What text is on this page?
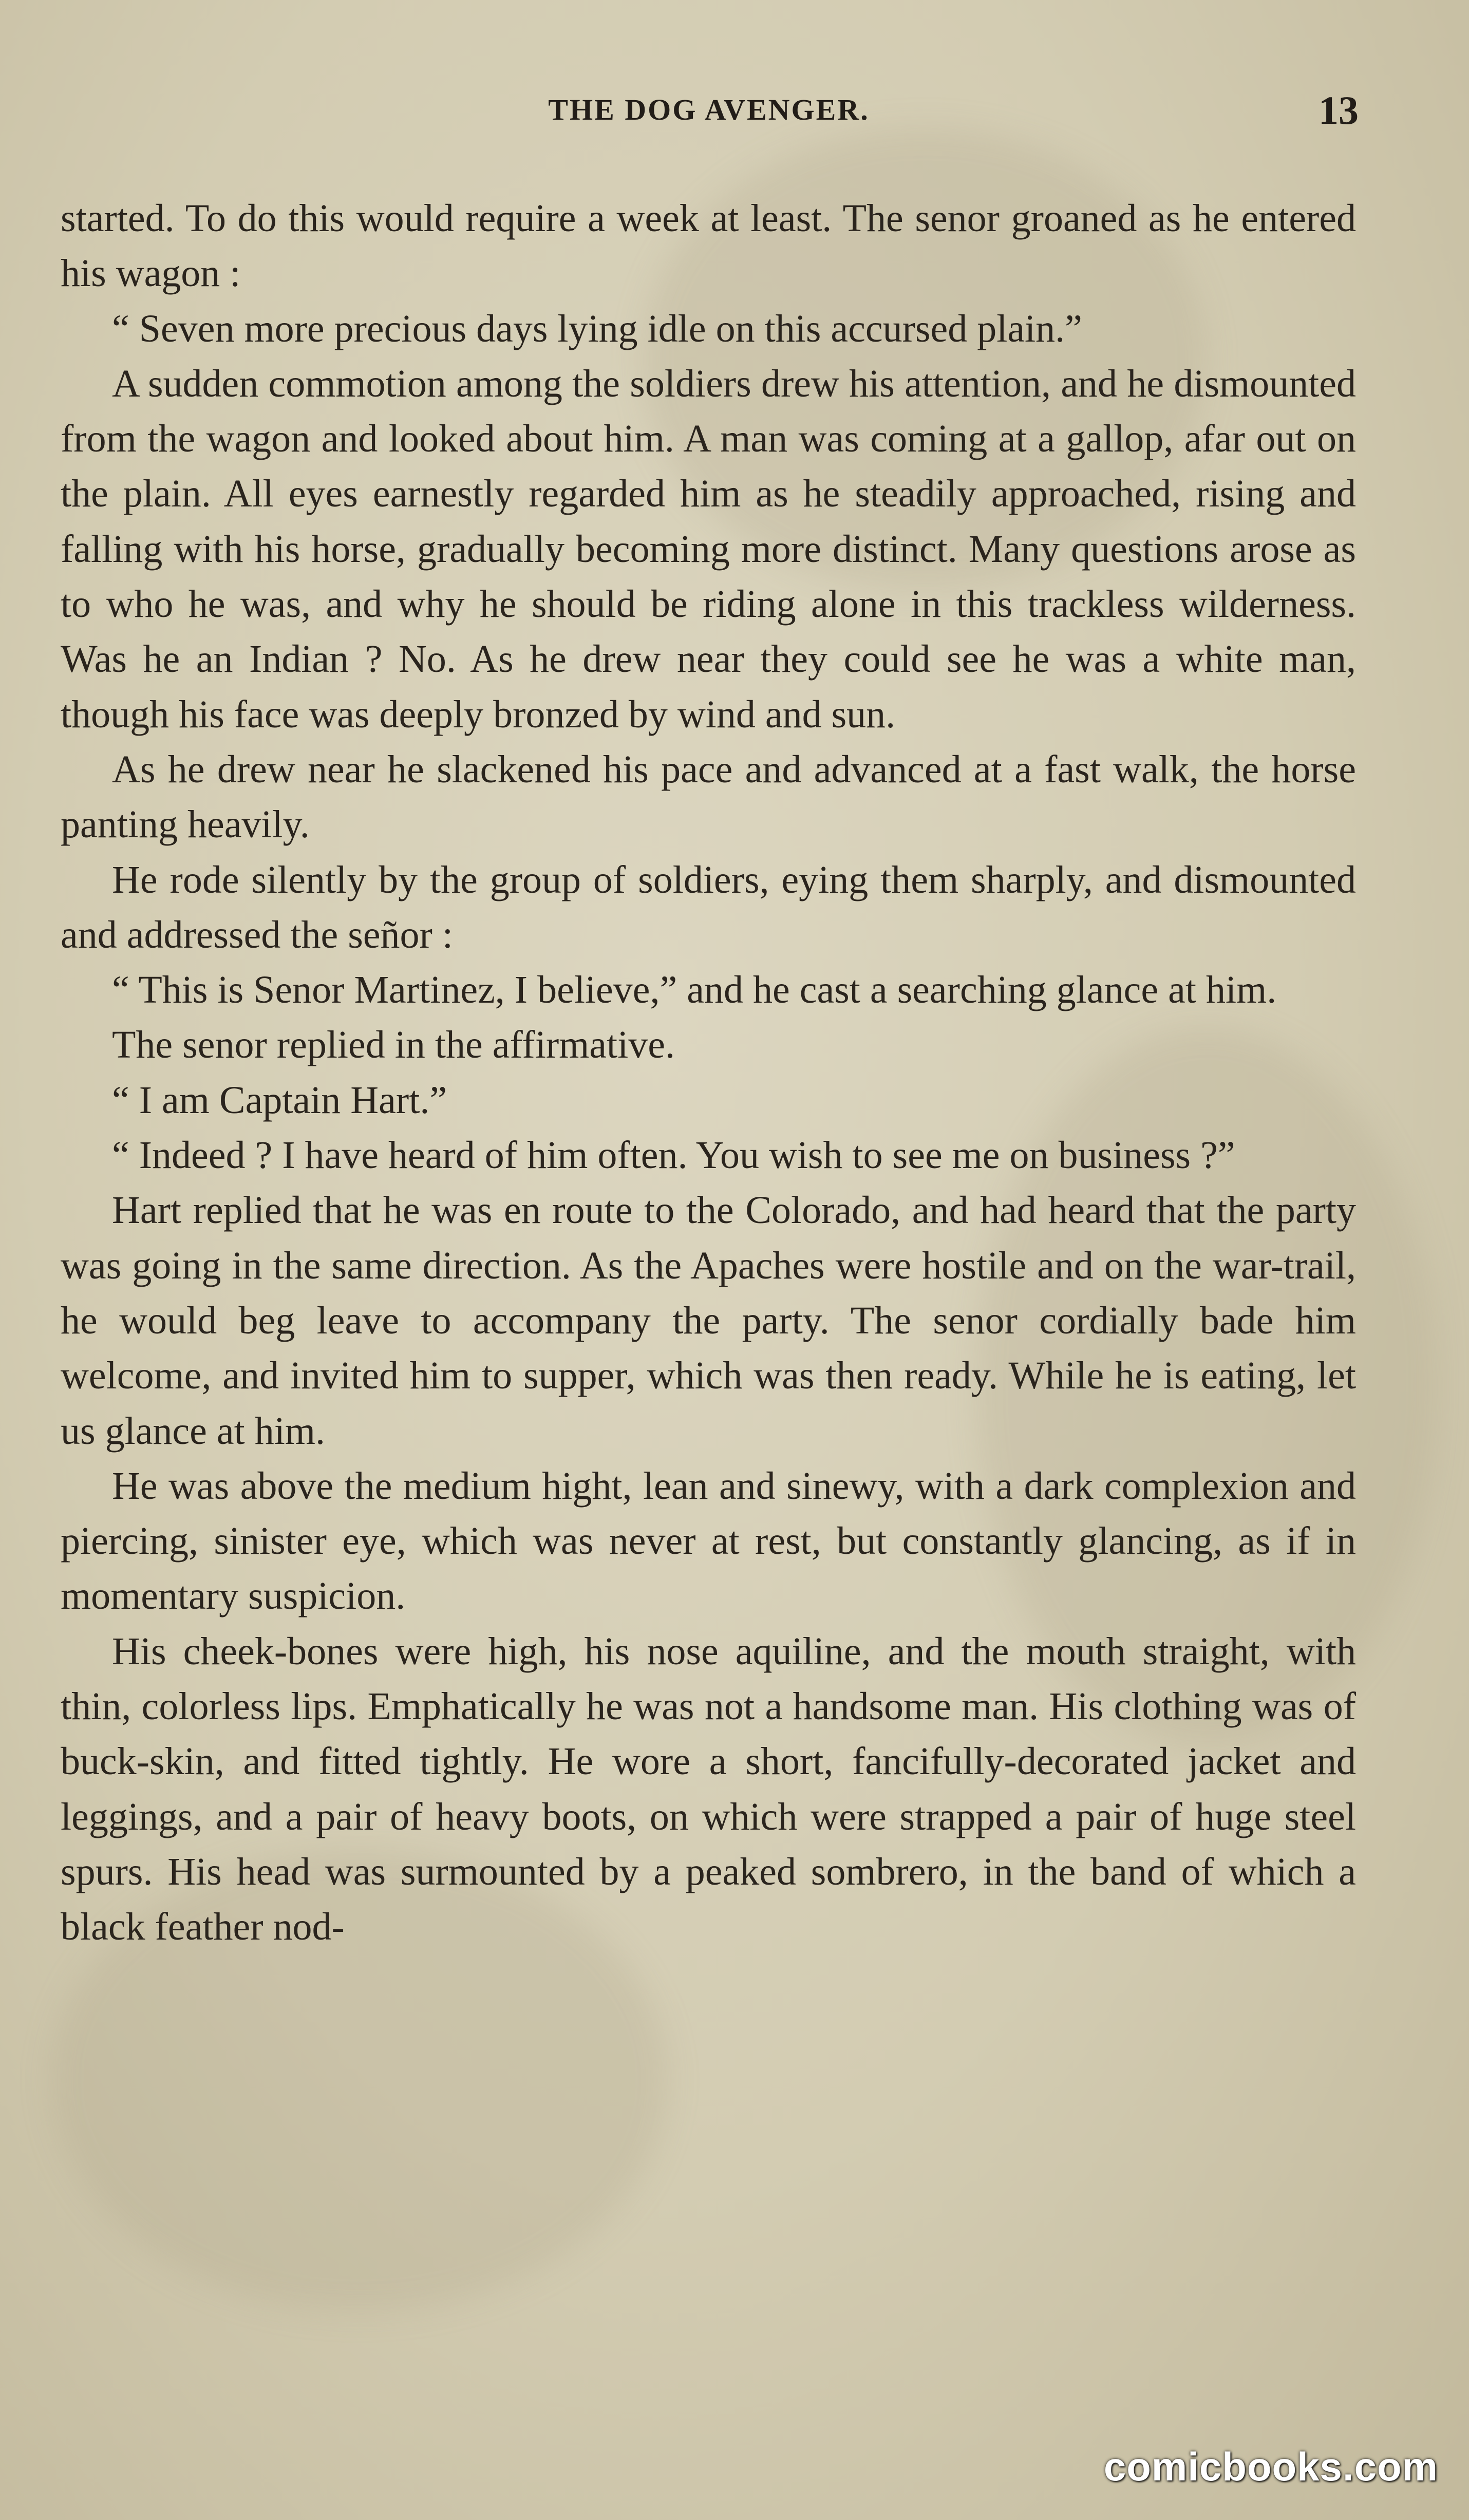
THE DOG AVENGER.	13

started. To do this would require a week at least. The senor groaned as he entered his wagon :

“ Seven more precious days lying idle on this accursed plain.”

A sudden commotion among the soldiers drew his attention, and he dismounted from the wagon and looked about him. A man was coming at a gallop, afar out on the plain. All eyes earnestly regarded him as he steadily approached, rising and falling with his horse, gradually becoming more distinct. Many questions arose as to who he was, and why he should be riding alone in this trackless wilderness. Was he an Indian ? No. As he drew near they could see he was a white man, though his face was deeply bronzed by wind and sun.

As he drew near he slackened his pace and advanced at a fast walk, the horse panting heavily.

He rode silently by the group of soldiers, eying them sharply, and dismounted and addressed the señor :

“ This is Senor Martinez, I believe,” and he cast a searching glance at him.

The senor replied in the affirmative.

“ I am Captain Hart.”

“ Indeed ? I have heard of him often. You wish to see me on business ?”

Hart replied that he was en route to the Colorado, and had heard that the party was going in the same direction. As the Apaches were hostile and on the war-trail, he would beg leave to accompany the party. The senor cordially bade him welcome, and invited him to supper, which was then ready. While he is eating, let us glance at him.

He was above the medium hight, lean and sinewy, with a dark complexion and piercing, sinister eye, which was never at rest, but constantly glancing, as if in momentary suspicion.

His cheek-bones were high, his nose aquiline, and the mouth straight, with thin, colorless lips. Emphatically he was not a handsome man. His clothing was of buck-skin, and fitted tightly. He wore a short, fancifully-decorated jacket and leggings, and a pair of heavy boots, on which were strapped a pair of huge steel spurs. His head was surmounted by a peaked sombrero, in the band of which a black feather nod-

comicbooks.com
